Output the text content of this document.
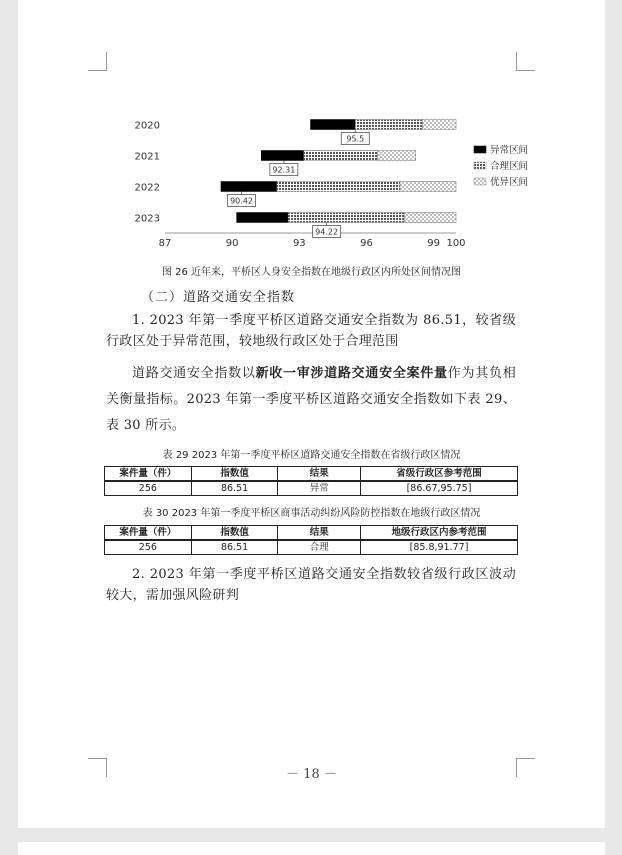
87	90	93	96	99 100
2020
95.5
2021
92.31
2022
90.42
2023
94.22
异常区间
合理区间
优异区间
图 26 近年来，平桥区人身安全指数在地级行政区内所处区间情况图
（二）道路交通安全指数
1. 2023 年第一季度平桥区道路交通安全指数为 86.51，较省级行政区处于异常范围，较地级行政区处于合理范围
道路交通安全指数以新收一审涉道路交通安全案件量作为其负相关衡量指标。2023 年第一季度平桥区道路交通安全指数如下表 29、表 30 所示。
表 29 2023 年第一季度平桥区道路交通安全指数在省级行政区情况
案件量（件）	指数值	结果	省级行政区参考范围
256	86.51	异常	[86.67,95.75]
表 30 2023 年第一季度平桥区商事活动纠纷风险防控指数在地级行政区情况
案件量（件）	指数值	结果	地级行政区内参考范围
256	86.51	合理	[85.8,91.77]
2. 2023 年第一季度平桥区道路交通安全指数较省级行政区波动较大，需加强风险研判
－ 18 －
